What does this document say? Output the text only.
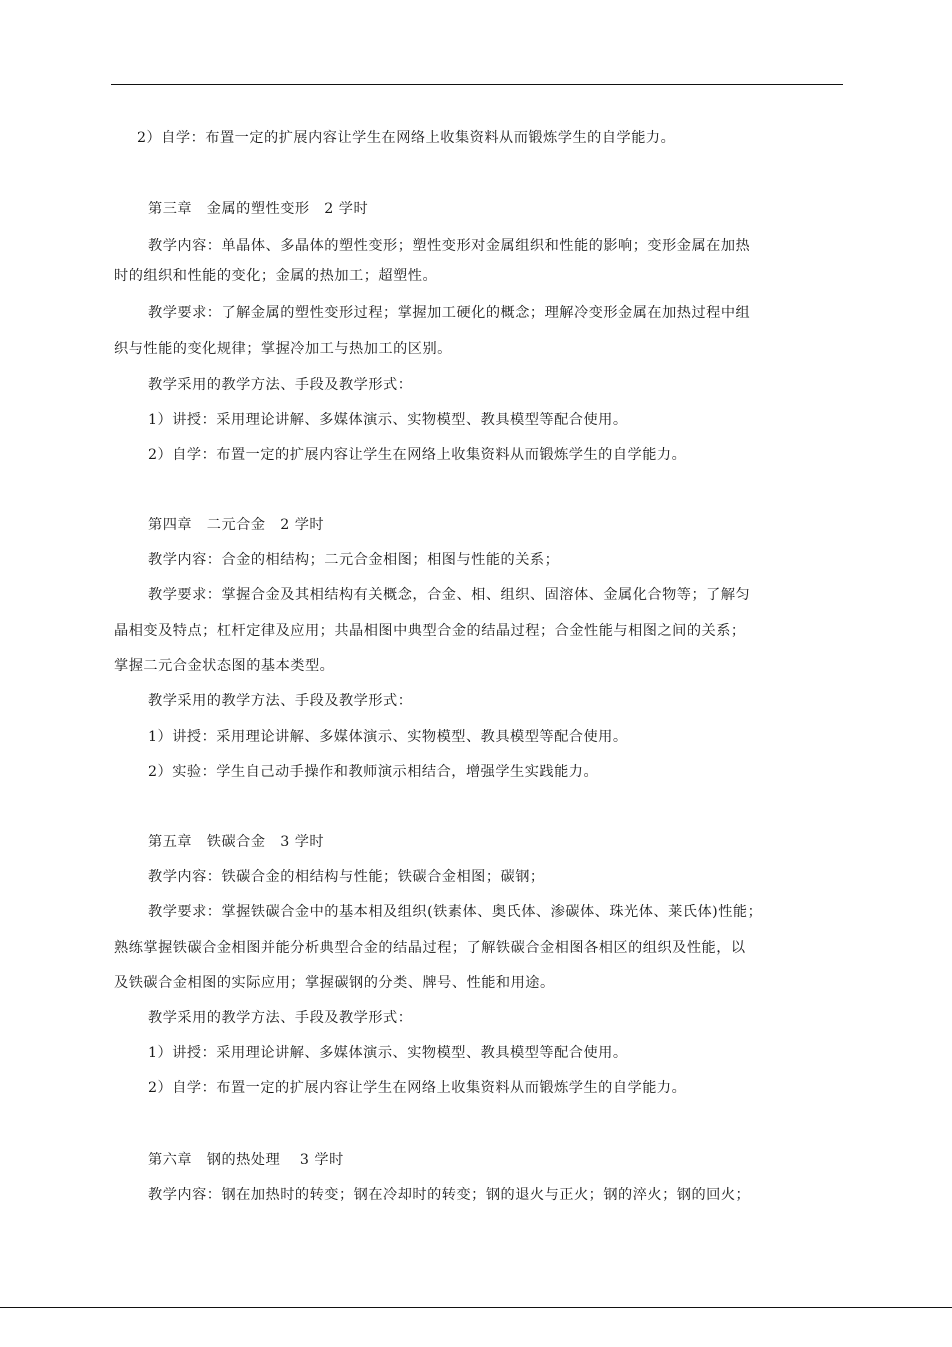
2）自学：布置一定的扩展内容让学生在网络上收集资料从而锻炼学生的自学能力。

第三章　金属的塑性变形　2 学时

教学内容：单晶体、多晶体的塑性变形；塑性变形对金属组织和性能的影响；变形金属在加热

时的组织和性能的变化；金属的热加工；超塑性。

教学要求：了解金属的塑性变形过程；掌握加工硬化的概念；理解冷变形金属在加热过程中组

织与性能的变化规律；掌握冷加工与热加工的区别。

教学采用的教学方法、手段及教学形式：

1）讲授：采用理论讲解、多媒体演示、实物模型、教具模型等配合使用。

2）自学：布置一定的扩展内容让学生在网络上收集资料从而锻炼学生的自学能力。

第四章　二元合金　2 学时

教学内容：合金的相结构；二元合金相图；相图与性能的关系；

教学要求：掌握合金及其相结构有关概念，合金、相、组织、固溶体、金属化合物等；了解匀

晶相变及特点；杠杆定律及应用；共晶相图中典型合金的结晶过程；合金性能与相图之间的关系；

掌握二元合金状态图的基本类型。

教学采用的教学方法、手段及教学形式：

1）讲授：采用理论讲解、多媒体演示、实物模型、教具模型等配合使用。

2）实验：学生自己动手操作和教师演示相结合，增强学生实践能力。

第五章　铁碳合金　3 学时

教学内容：铁碳合金的相结构与性能；铁碳合金相图；碳钢；

教学要求：掌握铁碳合金中的基本相及组织(铁素体、奥氏体、渗碳体、珠光体、莱氏体)性能；

熟练掌握铁碳合金相图并能分析典型合金的结晶过程；了解铁碳合金相图各相区的组织及性能，以

及铁碳合金相图的实际应用；掌握碳钢的分类、牌号、性能和用途。

教学采用的教学方法、手段及教学形式：

1）讲授：采用理论讲解、多媒体演示、实物模型、教具模型等配合使用。

2）自学：布置一定的扩展内容让学生在网络上收集资料从而锻炼学生的自学能力。

第六章　钢的热处理　 3 学时

教学内容：钢在加热时的转变；钢在冷却时的转变；钢的退火与正火；钢的淬火；钢的回火；
